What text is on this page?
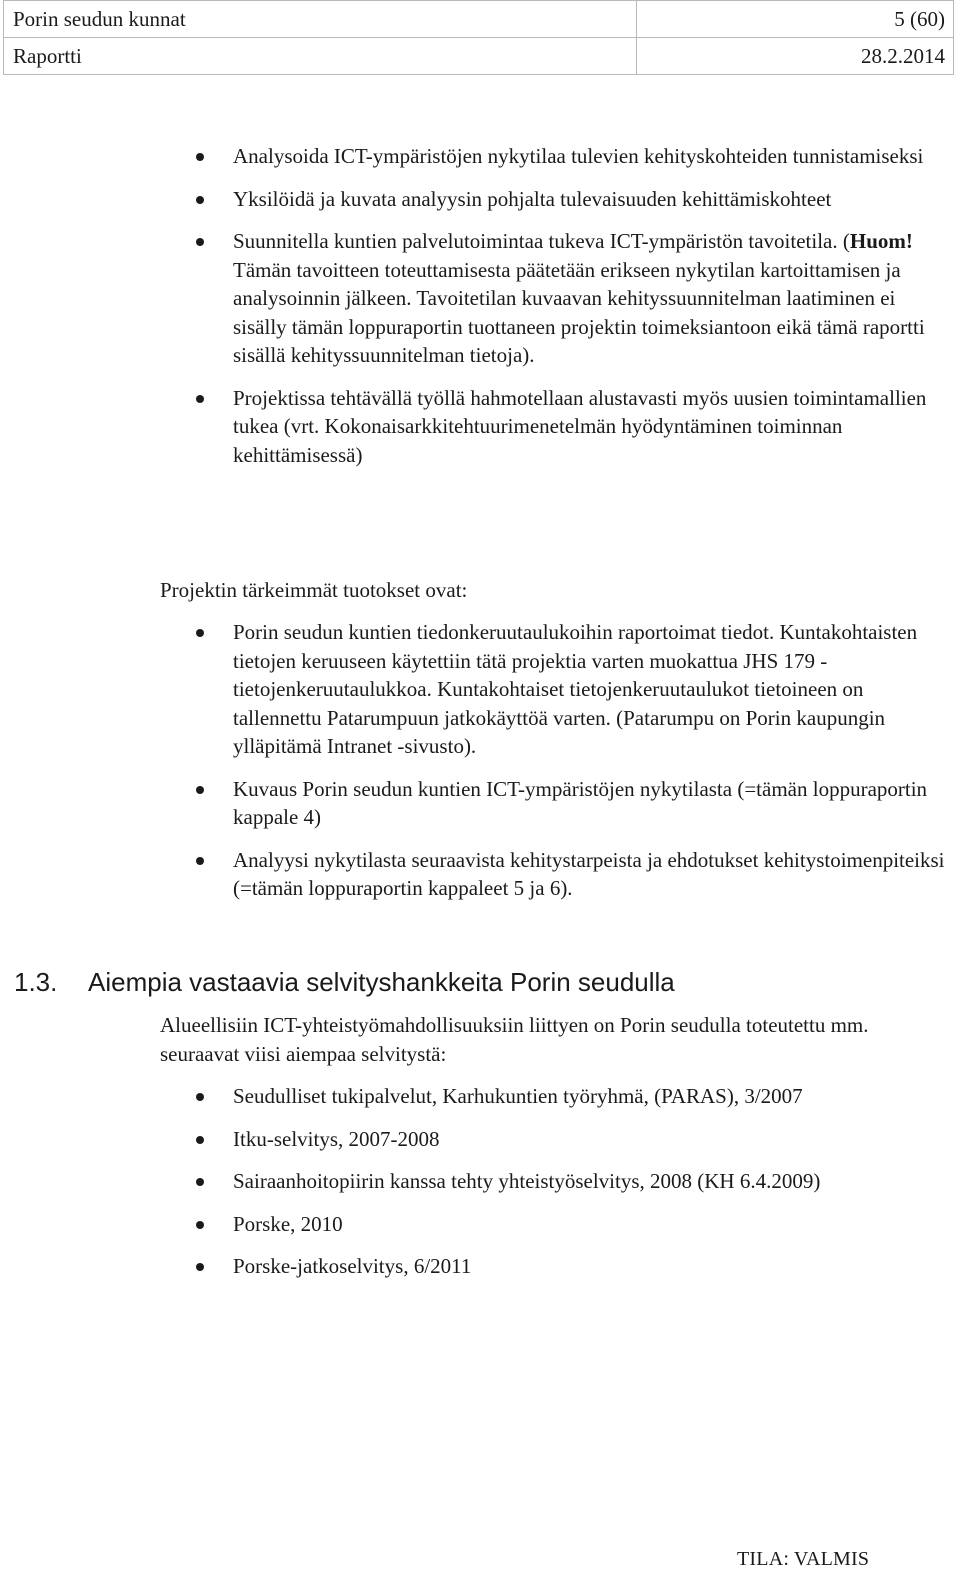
Porin seudun kunnat	5 (60)
Raportti	28.2.2014
Analysoida ICT-ympäristöjen nykytilaa tulevien kehityskohteiden tunnistamiseksi
Yksilöidä ja kuvata analyysin pohjalta tulevaisuuden kehittämiskohteet
Suunnitella kuntien palvelutoimintaa tukeva ICT-ympäristön tavoitetila. (Huom! Tämän tavoitteen toteuttamisesta päätetään erikseen nykytilan kartoittamisen ja analysoinnin jälkeen. Tavoitetilan kuvaavan kehityssuunnitelman laatiminen ei sisälly tämän loppuraportin tuottaneen projektin toimeksiantoon eikä tämä raportti sisällä kehityssuunnitelman tietoja).
Projektissa tehtävällä työllä hahmotellaan alustavasti myös uusien toimintamallien tukea (vrt. Kokonaisarkkitehtuurimenetelmän hyödyntäminen toiminnan kehittämisessä)

Projektin tärkeimmät tuotokset ovat:

Porin seudun kuntien tiedonkeruutaulukoihin raportoimat tiedot. Kuntakohtaisten tietojen keruuseen käytettiin tätä projektia varten muokattua JHS 179 -tietojenkeruutaulukkoa. Kuntakohtaiset tietojenkeruutaulukot tietoineen on tallennettu Patarumpuun jatkokäyttöä varten. (Patarumpu on Porin kaupungin ylläpitämä Intranet -sivusto).
Kuvaus Porin seudun kuntien ICT-ympäristöjen nykytilasta (=tämän loppuraportin kappale 4)
Analyysi nykytilasta seuraavista kehitystarpeista ja ehdotukset kehitystoimenpiteiksi (=tämän loppuraportin kappaleet 5 ja 6).
1.3. Aiempia vastaavia selvityshankkeita Porin seudulla

Alueellisiin ICT-yhteistyömahdollisuuksiin liittyen on Porin seudulla toteutettu mm. seuraavat viisi aiempaa selvitystä:

Seudulliset tukipalvelut, Karhukuntien työryhmä, (PARAS), 3/2007
Itku-selvitys, 2007-2008
Sairaanhoitopiirin kanssa tehty yhteistyöselvitys, 2008 (KH 6.4.2009)
Porske, 2010
Porske-jatkoselvitys, 6/2011
TILA: VALMIS
